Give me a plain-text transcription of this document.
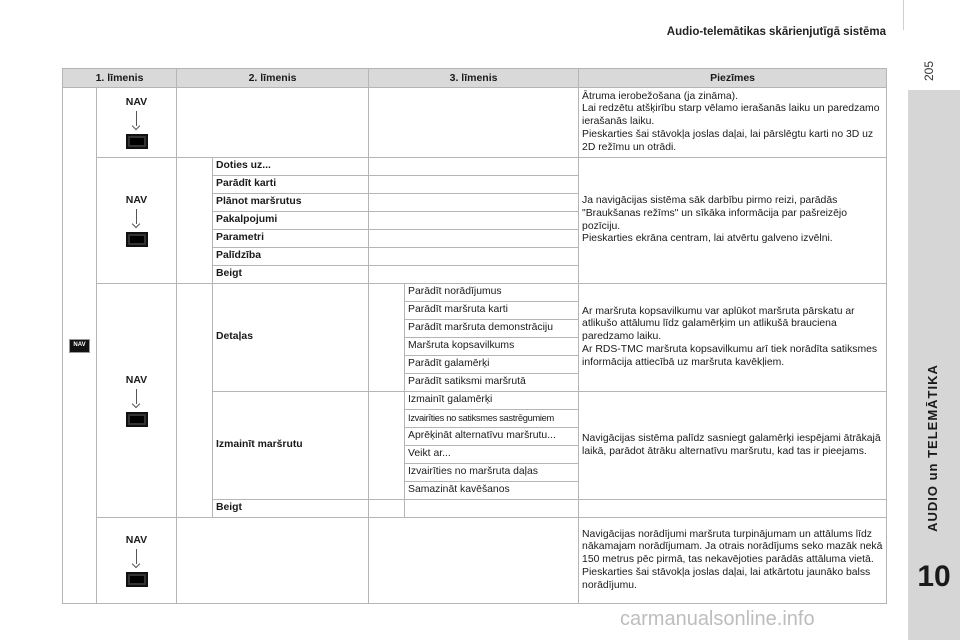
Audio-telemātikas skārienjutīgā sistēma
205
AUDIO un TELEMĀTIKA
10
1. līmenis		2. līmenis		3. līmenis		Piezīmes
NAV	NAV					Ātruma ierobežošana (ja zināma).

Lai redzētu atšķirību starp vēlamo ierašanās laiku un paredzamo ierašanās laiku.

Pieskarties šai stāvokļa joslas daļai, lai pārslēgtu karti no 3D uz 2D režīmu un otrādi.

	NAV		Doties uz...			Ja navigācijas sistēma sāk darbību pirmo reizi, parādās "Braukšanas režīms" un sīkāka informācija par pašreizējo pozīciju.

Pieskarties ekrāna centram, lai atvērtu galveno izvēlni.

			Parādīt karti			
			Plānot maršrutus			
			Pakalpojumi			
			Parametri			
			Palīdzība			
			Beigt			

	NAV		Detaļas		Parādīt norādījumus	Ar maršruta kopsavilkumu var aplūkot maršruta pārskatu ar atlikušo attālumu līdz galamērķim un atlikušā brauciena paredzamo laiku.

Ar RDS-TMC maršruta kopsavilkumu arī tiek norādīta satiksmes informācija attiecībā uz maršruta kavēkļiem.

					Parādīt maršruta karti	
					Parādīt maršruta demonstrāciju	
					Maršruta kopsavilkums	
					Parādīt galamērķi	
					Parādīt satiksmi maršrutā	
			Izmainīt maršrutu		Izmainīt galamērķi	Navigācijas sistēma palīdz sasniegt galamērķi iespējami ātrākajā laikā, parādot ātrāku alternatīvu maršrutu, kad tas ir pieejams.

					Izvairīties no satiksmes sastrēgumiem	
					Aprēķināt alternatīvu maršrutu...	
					Veikt ar...	
					Izvairīties no maršruta daļas	
					Samazināt kavēšanos	
			Beigt			

	NAV					Navigācijas norādījumi maršruta turpinājumam un attālums līdz nākamajam norādījumam. Ja otrais norādījums seko mazāk nekā 150 metrus pēc pirmā, tas nekavējoties parādās attāluma vietā.

Pieskarties šai stāvokļa joslas daļai, lai atkārtotu jaunāko balss norādījumu.

carmanualsonline.info
